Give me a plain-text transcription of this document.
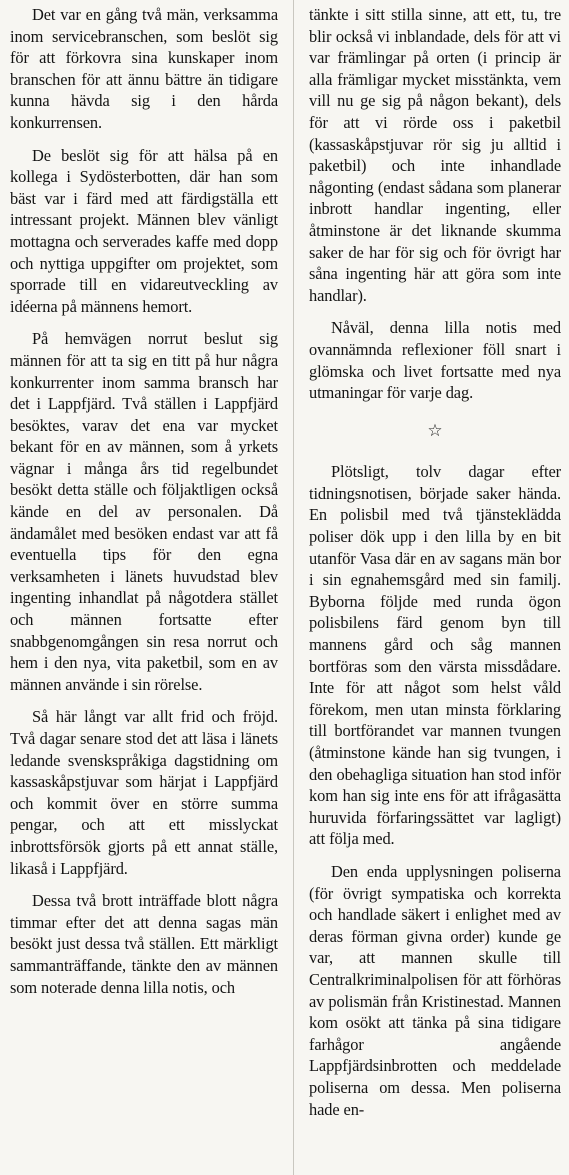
Det var en gång två män, verksamma inom servicebranschen, som beslöt sig för att förkovra sina kunskaper inom branschen för att ännu bättre än tidigare kunna hävda sig i den hårda konkurrensen.

De beslöt sig för att hälsa på en kollega i Sydösterbotten, där han som bäst var i färd med att färdigställa ett intressant projekt. Männen blev vänligt mottagna och serverades kaffe med dopp och nyttiga uppgifter om projektet, som sporrade till en vidareutveckling av idéerna på männens hemort.

På hemvägen norrut beslut sig männen för att ta sig en titt på hur några konkurrenter inom samma bransch har det i Lappfjärd. Två ställen i Lappfjärd besöktes, varav det ena var mycket bekant för en av männen, som å yrkets vägnar i många års tid regelbundet besökt detta ställe och följaktligen också kände en del av personalen. Då ändamålet med besöken endast var att få eventuella tips för den egna verksamheten i länets huvudstad blev ingenting inhandlat på någotdera stället och männen fortsatte efter snabbgenomgången sin resa norrut och hem i den nya, vita paketbil, som en av männen använde i sin rörelse.

Så här långt var allt frid och fröjd. Två dagar senare stod det att läsa i länets ledande svenskspråkiga dagstidning om kassaskåpstjuvar som härjat i Lappfjärd och kommit över en större summa pengar, och att ett misslyckat inbrottsförsök gjorts på ett annat ställe, likaså i Lappfjärd.

Dessa två brott inträffade blott några timmar efter det att denna sagas män besökt just dessa två ställen. Ett märkligt sammanträffande, tänkte den av männen som noterade denna lilla notis, och

tänkte i sitt stilla sinne, att ett, tu, tre blir också vi inblandade, dels för att vi var främlingar på orten (i princip är alla främligar mycket misstänkta, vem vill nu ge sig på någon bekant), dels för att vi rörde oss i paketbil (kassaskåpstjuvar rör sig ju alltid i paketbil) och inte inhandlade någonting (endast sådana som planerar inbrott handlar ingenting, eller åtminstone är det liknande skumma saker de har för sig och för övrigt har såna ingenting här att göra som inte handlar).

Nåväl, denna lilla notis med ovannämnda reflexioner föll snart i glömska och livet fortsatte med nya utmaningar för varje dag.

☆

Plötsligt, tolv dagar efter tidningsnotisen, började saker hända. En polisbil med två tjänsteklädda poliser dök upp i den lilla by en bit utanför Vasa där en av sagans män bor i sin egnahemsgård med sin familj. Byborna följde med runda ögon polisbilens färd genom byn till mannens gård och såg mannen bortföras som den värsta missdådare. Inte för att något som helst våld förekom, men utan minsta förklaring till bortförandet var mannen tvungen (åtminstone kände han sig tvungen, i den obehagliga situation han stod inför kom han sig inte ens för att ifrågasätta huruvida förfaringssättet var lagligt) att följa med.

Den enda upplysningen poliserna (för övrigt sympatiska och korrekta och handlade säkert i enlighet med av deras förman givna order) kunde ge var, att mannen skulle till Centralkriminalpolisen för att förhöras av polismän från Kristinestad. Mannen kom osökt att tänka på sina tidigare farhågor angående Lappfjärdsinbrotten och meddelade poliserna om dessa. Men poliserna hade en-
